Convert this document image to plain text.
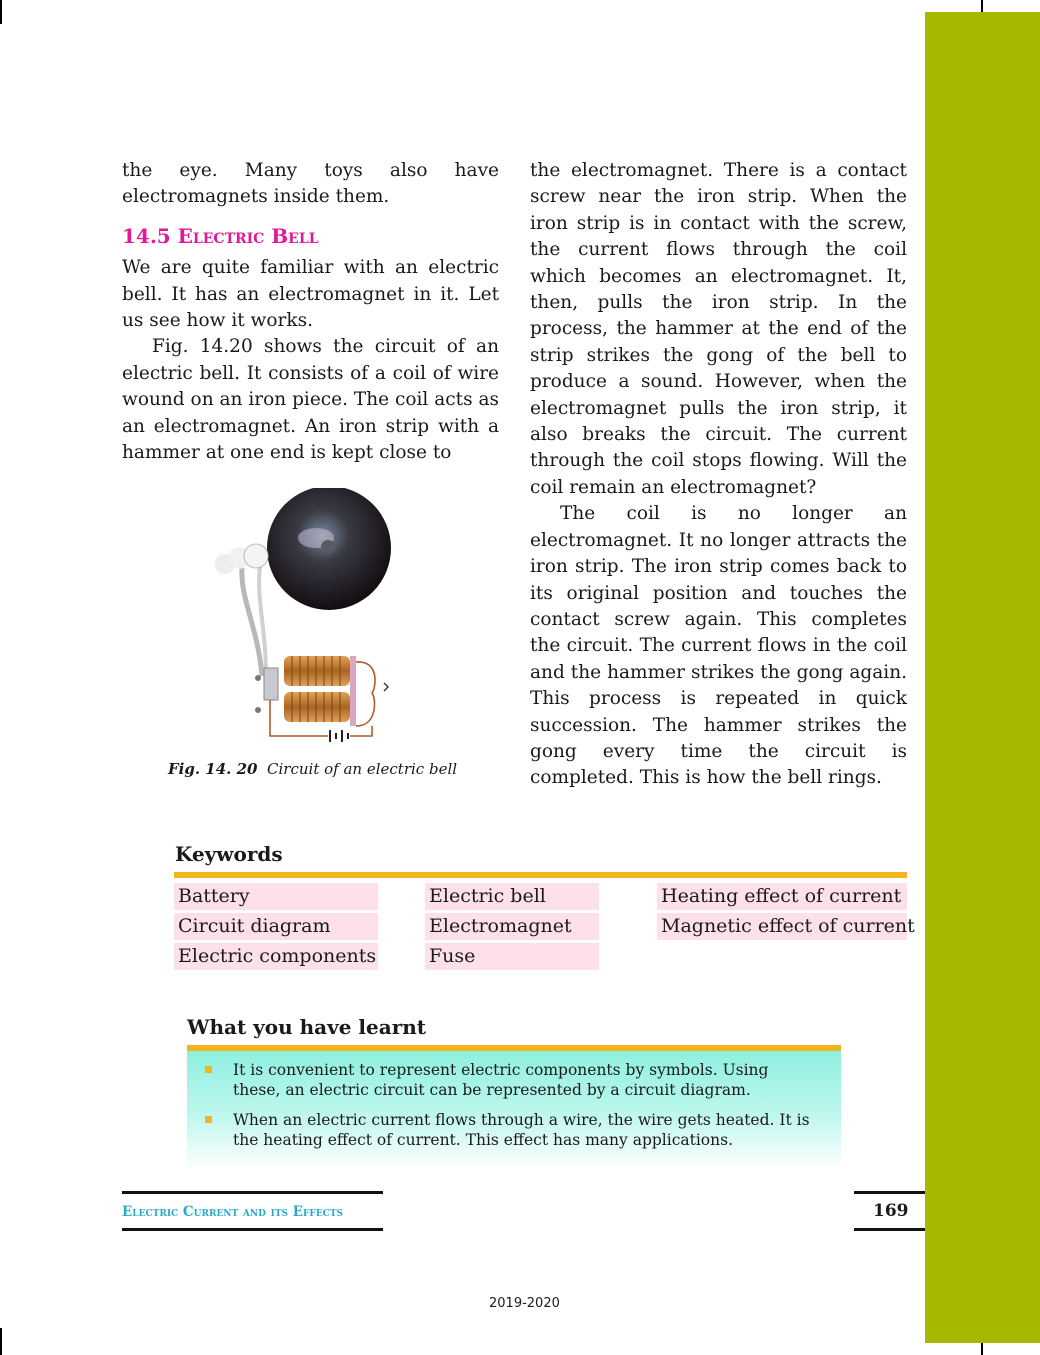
the eye. Many toys also have electromagnets inside them.

14.5 Electric Bell

We are quite familiar with an electric bell. It has an electromagnet in it. Let us see how it works.

Fig. 14.20 shows the circuit of an electric bell. It consists of a coil of wire wound on an iron piece. The coil acts as an electromagnet. An iron strip with a hammer at one end is kept close to

Fig. 14. 20 Circuit of an electric bell

the electromagnet. There is a contact screw near the iron strip. When the iron strip is in contact with the screw, the current flows through the coil which becomes an electromagnet. It, then, pulls the iron strip. In the process, the hammer at the end of the strip strikes the gong of the bell to produce a sound. However, when the electromagnet pulls the iron strip, it also breaks the circuit. The current through the coil stops flowing. Will the coil remain an electromagnet?

The coil is no longer an electromagnet. It no longer attracts the iron strip. The iron strip comes back to its original position and touches the contact screw again. This completes the circuit. The current flows in the coil and the hammer strikes the gong again. This process is repeated in quick succession. The hammer strikes the gong every time the circuit is completed. This is how the bell rings.

Keywords
Battery
Circuit diagram
Electric components
Electric bell
Electromagnet
Fuse
Heating effect of current
Magnetic effect of current
What you have learnt
It is convenient to represent electric components by symbols. Using these, an electric circuit can be represented by a circuit diagram.
When an electric current flows through a wire, the wire gets heated. It is the heating effect of current. This effect has many applications.
Electric Current and its Effects	169
2019-2020
